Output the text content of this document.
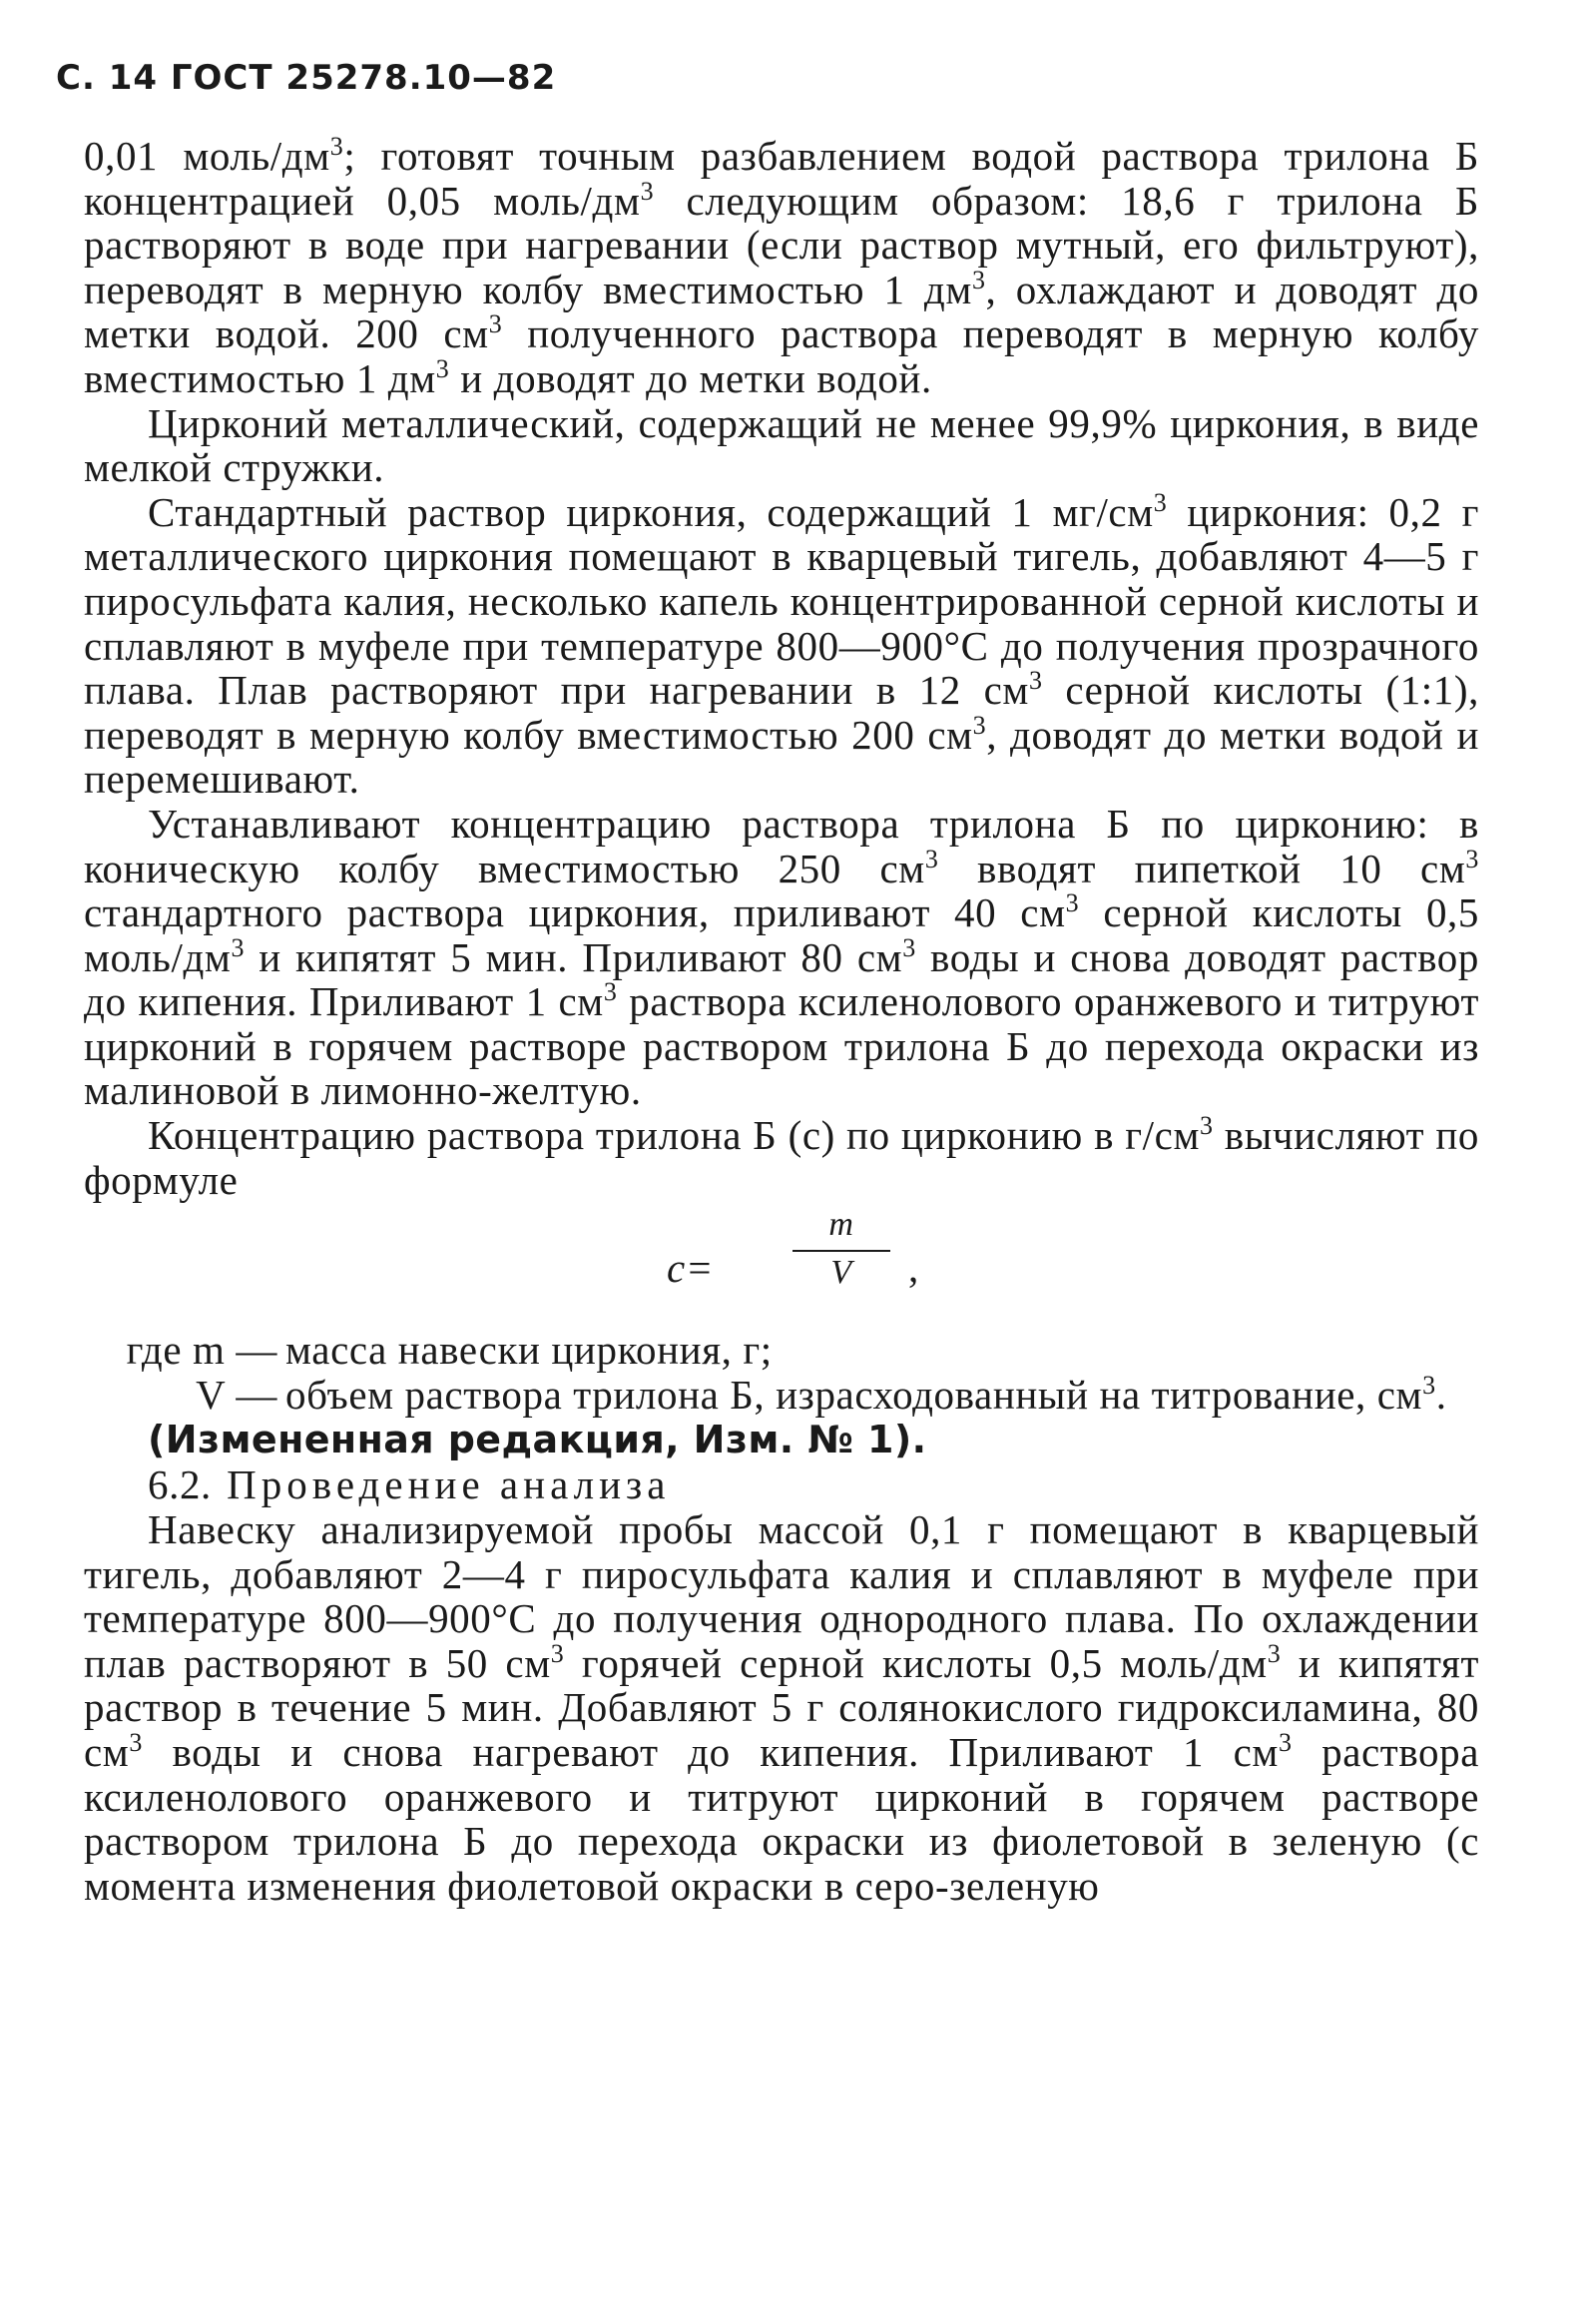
С. 14 ГОСТ 25278.10—82

0,01 моль/$дм^3$; готовят точным разбавлением водой раствора трилона Б концентрацией 0,05 моль/$дм^3$ следующим образом: 18,6 г трилона Б растворяют в воде при нагревании (если раствор мутный, его фильтруют), переводят в мерную колбу вместимостью 1 $дм^3$, охлаждают и доводят до метки водой. 200 $см^3$ полученного раствора переводят в мерную колбу вместимостью 1 $дм^3$ и доводят до метки водой.

Цирконий металлический, содержащий не менее 99,9% циркония, в виде мелкой стружки.

Стандартный раствор циркония, содержащий 1 $мг/см^3$ циркония: 0,2 г металлического циркония помещают в кварцевый тигель, добавляют 4—5 г пиросульфата калия, несколько капель концентрированной серной кислоты и сплавляют в муфеле при температуре 800—900°С до получения прозрачного плава. Плав растворяют при нагревании в 12 $см^3$ серной кислоты (1:1), переводят в мерную колбу вместимостью 200 $см^3$, доводят до метки водой и перемешивают.

Устанавливают концентрацию раствора трилона Б по цирконию: в коническую колбу вместимостью 250 $см^3$ вводят пипеткой 10 $см^3$ стандартного раствора циркония, приливают 40 $см^3$ серной кислоты 0,5 моль/$дм^3$ и кипятят 5 мин. Приливают 80 $см^3$ воды и снова доводят раствор до кипения. Приливают 1 $см^3$ раствора ксиленолового оранжевого и титруют цирконий в горячем растворе раствором трилона Б до перехода окраски из малиновой в лимонно-желтую.

Концентрацию раствора трилона Б (c) по цирконию в $г/см^3$ вычисляют по формуле

c=
m
V	,
где m — масса навески циркония, г;
V — объем раствора трилона Б, израсходованный на титрование, $см^3$.

(Измененная редакция, Изм. № 1).

6.2. Проведение анализа

Навеску анализируемой пробы массой 0,1 г помещают в кварцевый тигель, добавляют 2—4 г пиросульфата калия и сплавляют в муфеле при температуре 800—900°С до получения однородного плава. По охлаждении плав растворяют в 50 $см^3$ горячей серной кислоты 0,5 моль/$дм^3$ и кипятят раствор в течение 5 мин. Добавляют 5 г солянокислого гидроксиламина, 80 $см^3$ воды и снова нагревают до кипения. Приливают 1 $см^3$ раствора ксиленолового оранжевого и титруют цирконий в горячем растворе раствором трилона Б до перехода окраски из фиолетовой в зеленую (с момента изменения фиолетовой окраски в серо-зеленую
